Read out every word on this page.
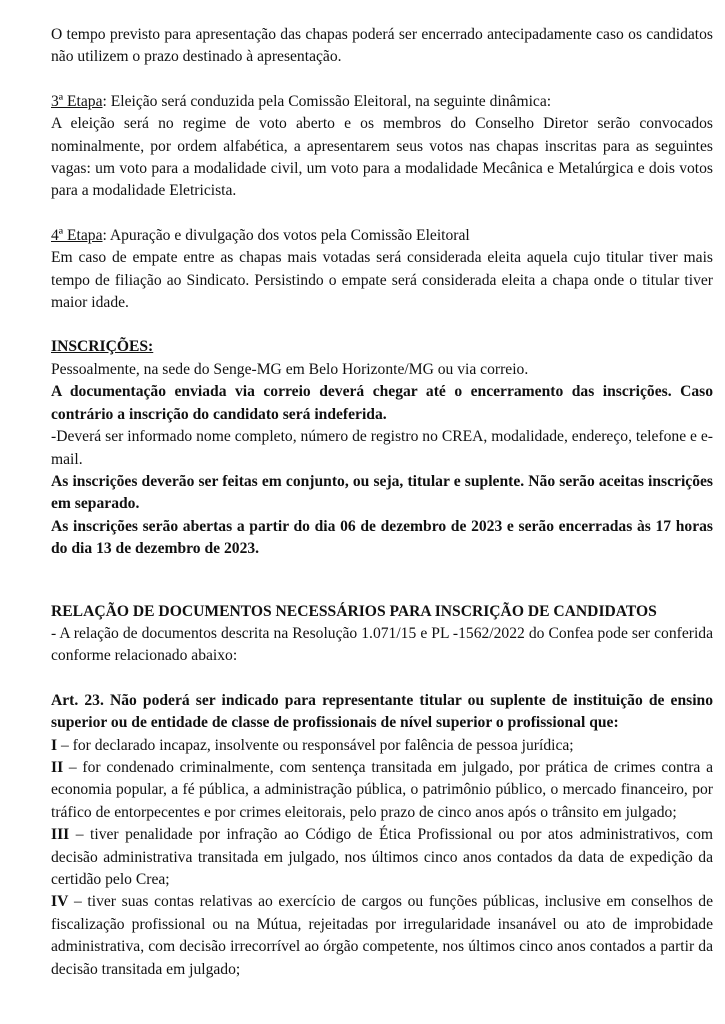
O tempo previsto para apresentação das chapas poderá ser encerrado antecipadamente caso os candidatos não utilizem o prazo destinado à apresentação.

3ª Etapa: Eleição será conduzida pela Comissão Eleitoral, na seguinte dinâmica:

A eleição será no regime de voto aberto e os membros do Conselho Diretor serão convocados nominalmente, por ordem alfabética, a apresentarem seus votos nas chapas inscritas para as seguintes vagas: um voto para a modalidade civil, um voto para a modalidade Mecânica e Metalúrgica e dois votos para a modalidade Eletricista.

4ª Etapa: Apuração e divulgação dos votos pela Comissão Eleitoral

Em caso de empate entre as chapas mais votadas será considerada eleita aquela cujo titular tiver mais tempo de filiação ao Sindicato. Persistindo o empate será considerada eleita a chapa onde o titular tiver maior idade.

INSCRIÇÕES:

Pessoalmente, na sede do Senge-MG em Belo Horizonte/MG ou via correio.

A documentação enviada via correio deverá chegar até o encerramento das inscrições. Caso contrário a inscrição do candidato será indeferida.

-Deverá ser informado nome completo, número de registro no CREA, modalidade, endereço, telefone e e-mail.

As inscrições deverão ser feitas em conjunto, ou seja, titular e suplente. Não serão aceitas inscrições em separado.

As inscrições serão abertas a partir do dia 06 de dezembro de 2023 e serão encerradas às 17 horas do dia 13 de dezembro de 2023.

RELAÇÃO DE DOCUMENTOS NECESSÁRIOS PARA INSCRIÇÃO DE CANDIDATOS

- A relação de documentos descrita na Resolução 1.071/15 e PL -1562/2022 do Confea pode ser conferida conforme relacionado abaixo:

Art. 23. Não poderá ser indicado para representante titular ou suplente de instituição de ensino superior ou de entidade de classe de profissionais de nível superior o profissional que:

I – for declarado incapaz, insolvente ou responsável por falência de pessoa jurídica;

II – for condenado criminalmente, com sentença transitada em julgado, por prática de crimes contra a economia popular, a fé pública, a administração pública, o patrimônio público, o mercado financeiro, por tráfico de entorpecentes e por crimes eleitorais, pelo prazo de cinco anos após o trânsito em julgado;

III – tiver penalidade por infração ao Código de Ética Profissional ou por atos administrativos, com decisão administrativa transitada em julgado, nos últimos cinco anos contados da data de expedição da certidão pelo Crea;

IV – tiver suas contas relativas ao exercício de cargos ou funções públicas, inclusive em conselhos de fiscalização profissional ou na Mútua, rejeitadas por irregularidade insanável ou ato de improbidade administrativa, com decisão irrecorrível ao órgão competente, nos últimos cinco anos contados a partir da decisão transitada em julgado;
